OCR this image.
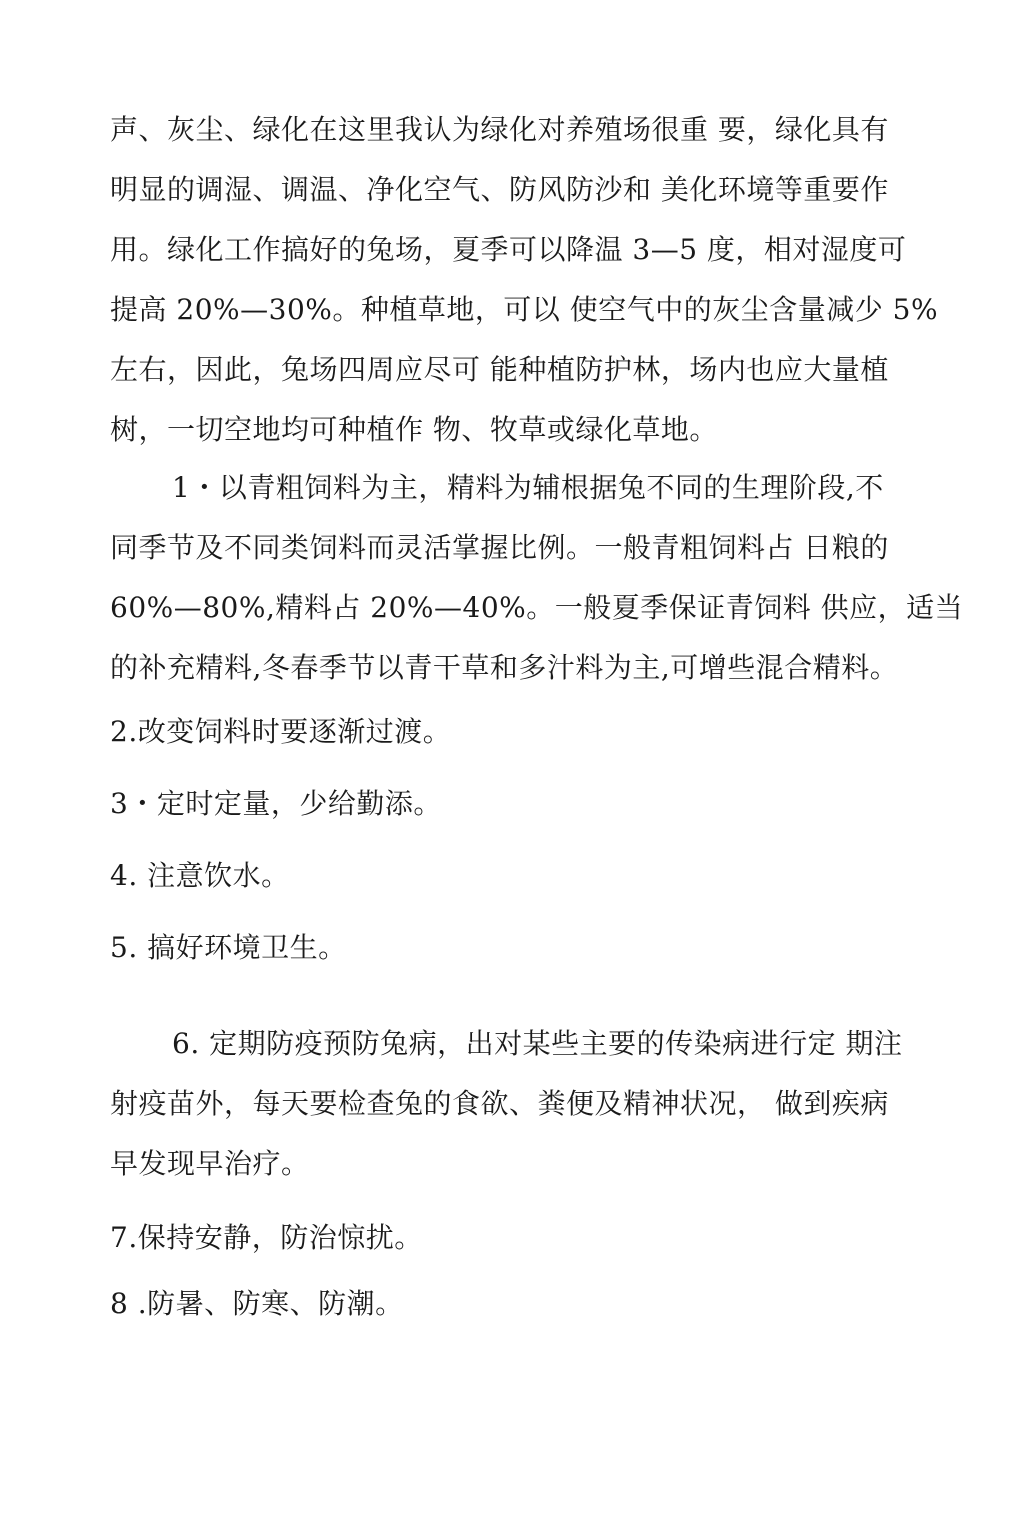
声、灰尘、绿化在这里我认为绿化对养殖场很重 要，绿化具有
明显的调湿、调温、净化空气、防风防沙和 美化环境等重要作
用。绿化工作搞好的兔场，夏季可以降温 3—5 度，相对湿度可
提高 20%—30%。种植草地，可以 使空气中的灰尘含量减少 5%
左右，因此，兔场四周应尽可 能种植防护林，场内也应大量植
树，一切空地均可种植作 物、牧草或绿化草地。
1・以青粗饲料为主，精料为辅根据兔不同的生理阶段,不
同季节及不同类饲料而灵活掌握比例。一般青粗饲料占 日粮的
60%—80%,精料占 20%—40%。一般夏季保证青饲料 供应，适当
的补充精料,冬春季节以青干草和多汁料为主,可增些混合精料。
2.改变饲料时要逐渐过渡。
3・定时定量，少给勤添。
4. 注意饮水。
5. 搞好环境卫生。
6. 定期防疫预防兔病，出对某些主要的传染病进行定 期注
射疫苗外，每天要检查兔的食欲、粪便及精神状况， 做到疾病
早发现早治疗。
7.保持安静，防治惊扰。
8 .防暑、防寒、防潮。
